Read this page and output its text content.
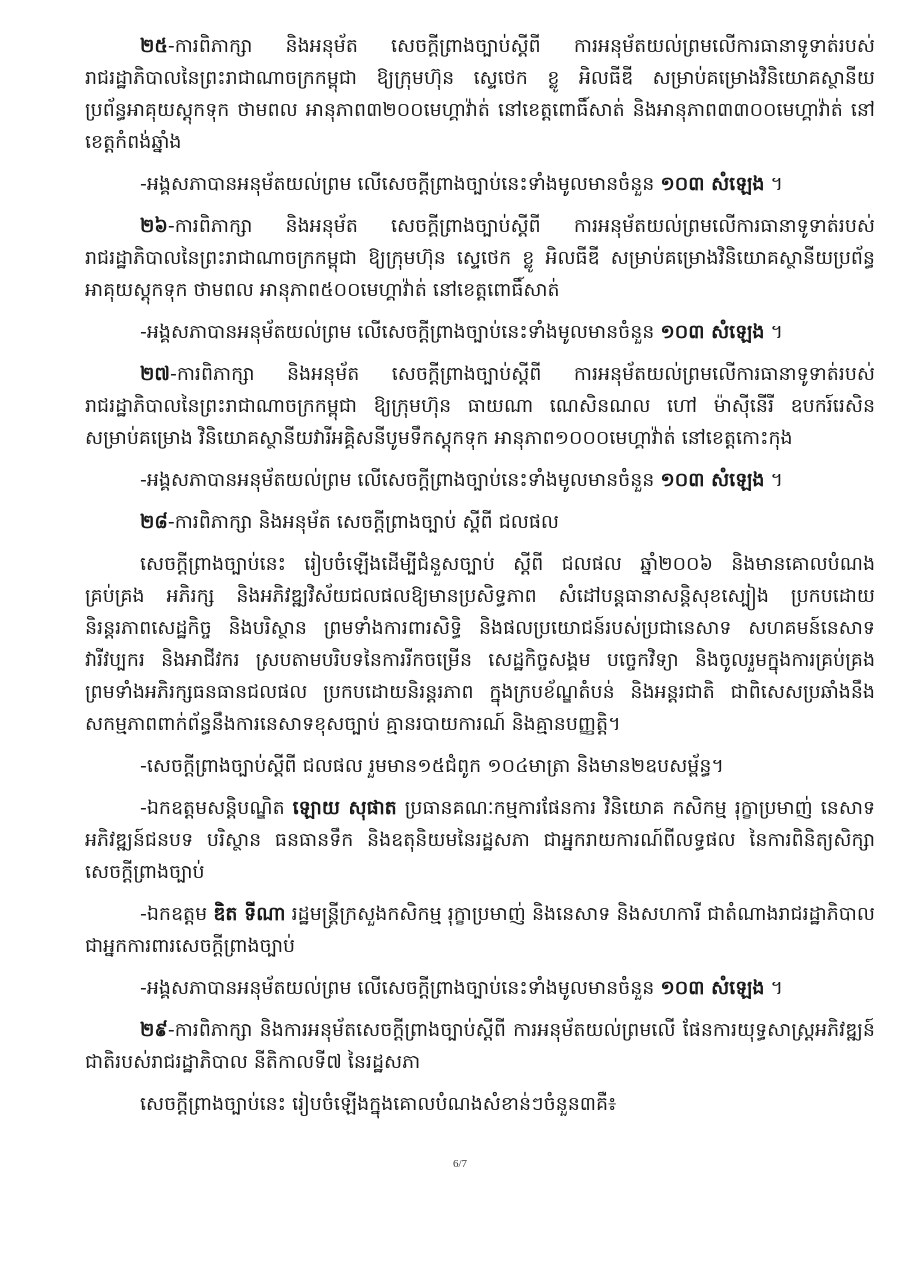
២៥-ការពិភាក្សា និងអនុម័ត សេចក្ដីព្រាងច្បាប់ស្ដីពី ការអនុម័តយល់ព្រមលើការធានាទូទាត់របស់
រាជរដ្ឋាភិបាលនៃព្រះរាជាណាចក្រកម្ពុជា ឱ្យក្រុមហ៊ុន ស្ទេថេក ខ្លូ អិលធីឌី សម្រាប់គម្រោងវិនិយោគស្ថានីយ
ប្រព័ន្ធអាគុយស្តុកទុក ថាមពល អានុភាព៣២០០មេហ្គាវ៉ាត់ នៅខេត្តពោធិ៍សាត់ និងអានុភាព៣៣០០មេហ្គាវ៉ាត់ នៅ
ខេត្តកំពង់ឆ្នាំង
-អង្គសភាបានអនុម័តយល់ព្រម លើសេចក្ដីព្រាងច្បាប់នេះទាំងមូលមានចំនួន ១០៣ សំឡេង ។
២៦-ការពិភាក្សា និងអនុម័ត សេចក្ដីព្រាងច្បាប់ស្ដីពី ការអនុម័តយល់ព្រមលើការធានាទូទាត់របស់
រាជរដ្ឋាភិបាលនៃព្រះរាជាណាចក្រកម្ពុជា ឱ្យក្រុមហ៊ុន ស្ទេថេក ខ្លូ អិលធីឌី សម្រាប់គម្រោងវិនិយោគស្ថានីយប្រព័ន្ធ
អាគុយស្តុកទុក ថាមពល អានុភាព៥០០មេហ្គាវ៉ាត់ នៅខេត្តពោធិ៍សាត់
-អង្គសភាបានអនុម័តយល់ព្រម លើសេចក្ដីព្រាងច្បាប់នេះទាំងមូលមានចំនួន ១០៣ សំឡេង ។
២៧-ការពិភាក្សា និងអនុម័ត សេចក្ដីព្រាងច្បាប់ស្ដីពី ការអនុម័តយល់ព្រមលើការធានាទូទាត់របស់
រាជរដ្ឋាភិបាលនៃព្រះរាជាណាចក្រកម្ពុជា ឱ្យក្រុមហ៊ុន ធាយណា ណេសិនណល ហៅ ម៉ាស៊ីនើរី ឧបករ៍រេសិន
សម្រាប់គម្រោង វិនិយោគស្ថានីយវារីអគ្គិសនីបូមទឹកស្តុកទុក អានុភាព១០០០មេហ្គាវ៉ាត់ នៅខេត្តកោះកុង
-អង្គសភាបានអនុម័តយល់ព្រម លើសេចក្ដីព្រាងច្បាប់នេះទាំងមូលមានចំនួន ១០៣ សំឡេង ។
២៨-ការពិភាក្សា និងអនុម័ត សេចក្ដីព្រាងច្បាប់ ស្ដីពី ជលផល
សេចក្ដីព្រាងច្បាប់នេះ រៀបចំឡើងដើម្បីជំនួសច្បាប់ ស្ដីពី ជលផល ឆ្នាំ២០០៦ និងមានគោលបំណង
គ្រប់គ្រង អភិរក្ស និងអភិវឌ្ឍវិស័យជលផលឱ្យមានប្រសិទ្ធភាព សំដៅបន្តធានាសន្តិសុខស្បៀង ប្រកបដោយ
និរន្តរភាពសេដ្ឋកិច្ច និងបរិស្ថាន ព្រមទាំងការពារសិទ្ធិ និងផលប្រយោជន៍របស់ប្រជានេសាទ សហគមន៍នេសាទ
វារីវប្បករ និងអាជីវករ ស្របតាមបរិបទនៃការរីកចម្រើន សេដ្ឋកិច្ចសង្គម បច្ចេកវិទ្យា និងចូលរួមក្នុងការគ្រប់គ្រង
ព្រមទាំងអភិរក្សធនធានជលផល ប្រកបដោយនិរន្តរភាព ក្នុងក្របខ័ណ្ឌតំបន់ និងអន្តរជាតិ ជាពិសេសប្រឆាំងនឹង
សកម្មភាពពាក់ព័ន្ធនឹងការនេសាទខុសច្បាប់ គ្មានរបាយការណ៍ និងគ្មានបញ្ញត្តិ។
-សេចក្ដីព្រាងច្បាប់ស្ដីពី ជលផល រួមមាន១៥ជំពូក ១០៤មាត្រា និងមាន២ឧបសម្ព័ន្ធ។
-ឯកឧត្តមសន្តិបណ្ឌិត ឡោយ សុផាត ប្រធានគណៈកម្មការផែនការ វិនិយោគ កសិកម្ម រុក្ខាប្រមាញ់ នេសាទ
អភិវឌ្ឍន៍ជនបទ បរិស្ថាន ធនធានទឹក និងឧតុនិយមនៃរដ្ឋសភា ជាអ្នករាយការណ៍ពីលទ្ធផល នៃការពិនិត្យសិក្សា
សេចក្ដីព្រាងច្បាប់
-ឯកឧត្តម ឌិត ទីណា រដ្ឋមន្ត្រីក្រសួងកសិកម្ម រុក្ខាប្រមាញ់ និងនេសាទ និងសហការី ជាតំណាងរាជរដ្ឋាភិបាល
ជាអ្នកការពារសេចក្ដីព្រាងច្បាប់
-អង្គសភាបានអនុម័តយល់ព្រម លើសេចក្ដីព្រាងច្បាប់នេះទាំងមូលមានចំនួន ១០៣ សំឡេង ។
២៩-ការពិភាក្សា និងការអនុម័តសេចក្ដីព្រាងច្បាប់ស្ដីពី ការអនុម័តយល់ព្រមលើ ផែនការយុទ្ធសាស្ត្រអភិវឌ្ឍន៍
ជាតិរបស់រាជរដ្ឋាភិបាល នីតិកាលទី៧ នៃរដ្ឋសភា
សេចក្ដីព្រាងច្បាប់នេះ រៀបចំឡើងក្នុងគោលបំណងសំខាន់ៗចំនួន៣គឺ៖
6/7
